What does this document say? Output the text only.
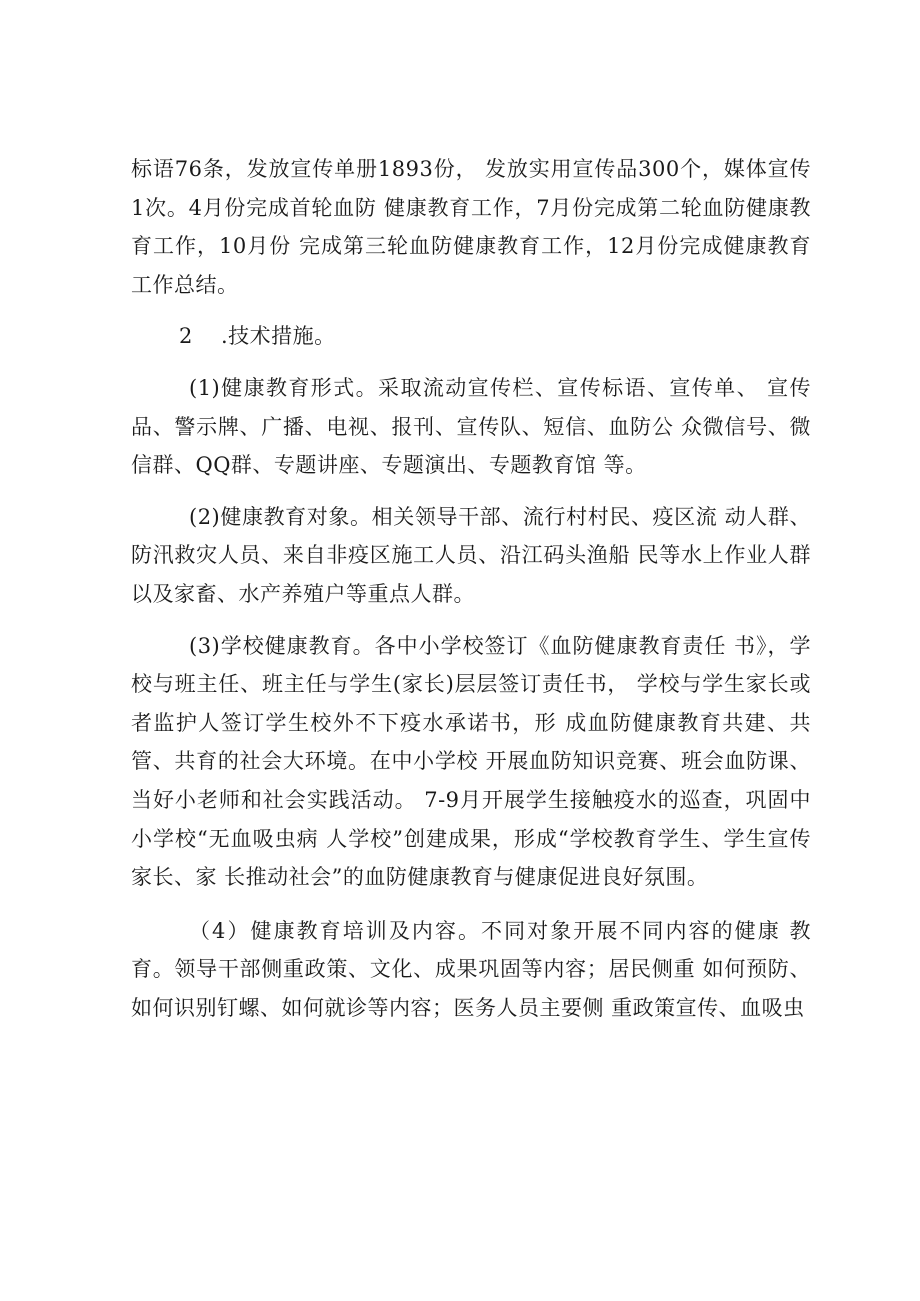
标语76条，发放宣传单册1893份， 发放实用宣传品300个，媒体宣传1次。4月份完成首轮血防 健康教育工作，7月份完成第二轮血防健康教育工作，10月份 完成第三轮血防健康教育工作，12月份完成健康教育工作总结。

2 .技术措施。

(1)健康教育形式。采取流动宣传栏、宣传标语、宣传单、 宣传品、警示牌、广播、电视、报刊、宣传队、短信、血防公 众微信号、微信群、QQ群、专题讲座、专题演出、专题教育馆 等。

(2)健康教育对象。相关领导干部、流行村村民、疫区流 动人群、防汛救灾人员、来自非疫区施工人员、沿江码头渔船 民等水上作业人群以及家畜、水产养殖户等重点人群。

(3)学校健康教育。各中小学校签订《血防健康教育责任 书》，学校与班主任、班主任与学生(家长)层层签订责任书， 学校与学生家长或者监护人签订学生校外不下疫水承诺书，形 成血防健康教育共建、共管、共育的社会大环境。在中小学校 开展血防知识竞赛、班会血防课、当好小老师和社会实践活动。 7-9月开展学生接触疫水的巡查，巩固中小学校“无血吸虫病 人学校”创建成果，形成“学校教育学生、学生宣传家长、家 长推动社会”的血防健康教育与健康促进良好氛围。

（4）健康教育培训及内容。不同对象开展不同内容的健康 教育。领导干部侧重政策、文化、成果巩固等内容；居民侧重 如何预防、如何识别钉螺、如何就诊等内容；医务人员主要侧 重政策宣传、血吸虫
